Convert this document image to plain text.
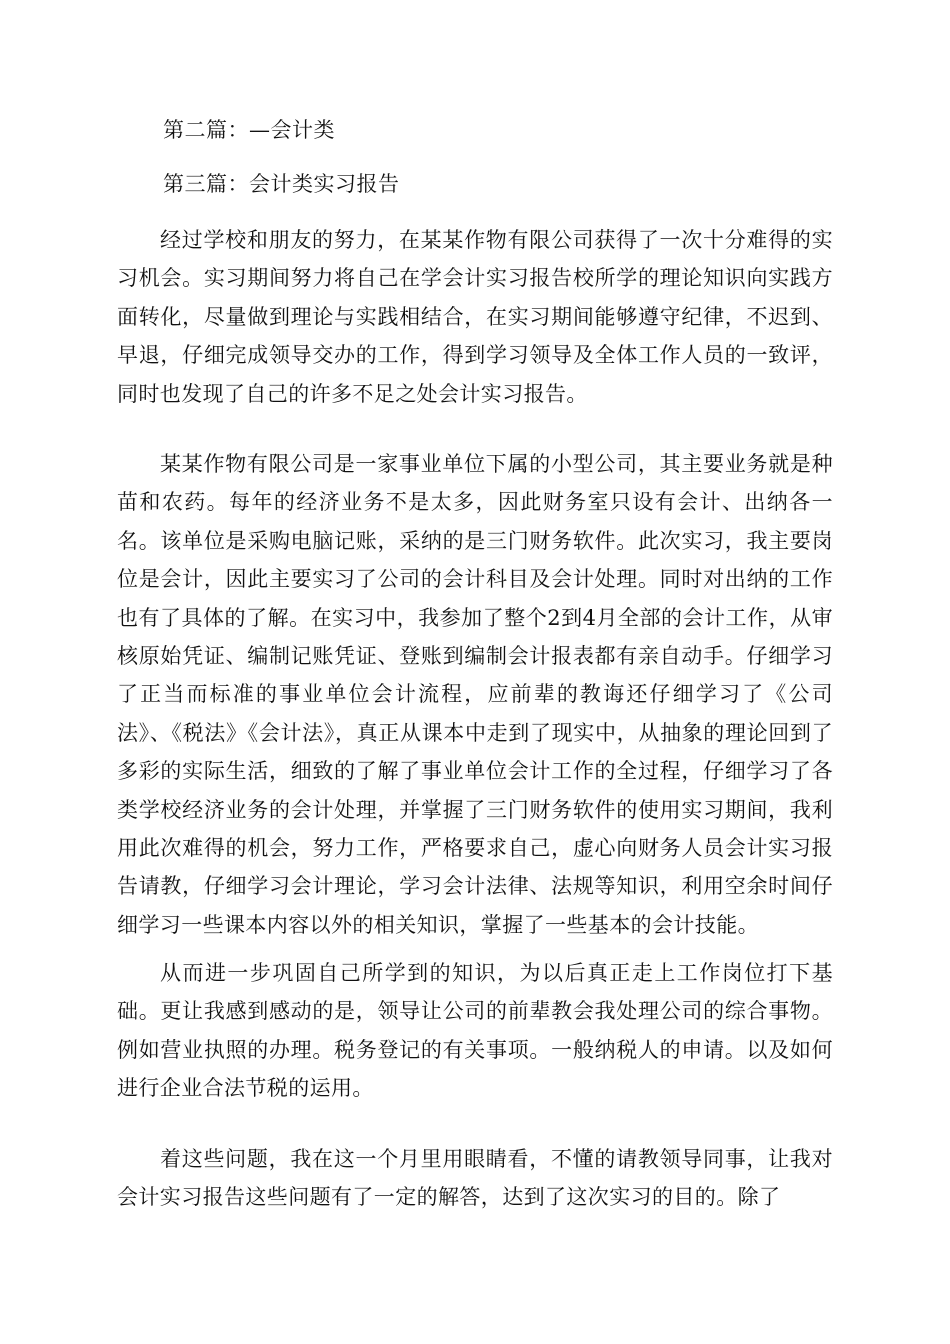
第二篇：—会计类
第三篇：会计类实习报告

经过学校和朋友的努力，在某某作物有限公司获得了一次十分难得的实习机会。实习期间努力将自己在学会计实习报告校所学的理论知识向实践方面转化，尽量做到理论与实践相结合，在实习期间能够遵守纪律，不迟到、早退，仔细完成领导交办的工作，得到学习领导及全体工作人员的一致评，同时也发现了自己的许多不足之处会计实习报告。

某某作物有限公司是一家事业单位下属的小型公司，其主要业务就是种苗和农药。每年的经济业务不是太多，因此财务室只设有会计、出纳各一名。该单位是采购电脑记账，采纳的是三门财务软件。此次实习，我主要岗位是会计，因此主要实习了公司的会计科目及会计处理。同时对出纳的工作也有了具体的了解。在实习中，我参加了整个2到4月全部的会计工作，从审核原始凭证、编制记账凭证、登账到编制会计报表都有亲自动手。仔细学习了正当而标准的事业单位会计流程，应前辈的教诲还仔细学习了《公司法》、《税法》《会计法》，真正从课本中走到了现实中，从抽象的理论回到了多彩的实际生活，细致的了解了事业单位会计工作的全过程，仔细学习了各类学校经济业务的会计处理，并掌握了三门财务软件的使用实习期间，我利用此次难得的机会，努力工作，严格要求自己，虚心向财务人员会计实习报告请教，仔细学习会计理论，学习会计法律、法规等知识，利用空余时间仔细学习一些课本内容以外的相关知识，掌握了一些基本的会计技能。

从而进一步巩固自己所学到的知识，为以后真正走上工作岗位打下基础。更让我感到感动的是，领导让公司的前辈教会我处理公司的综合事物。例如营业执照的办理。税务登记的有关事项。一般纳税人的申请。以及如何进行企业合法节税的运用。

着这些问题，我在这一个月里用眼睛看，不懂的请教领导同事，让我对会计实习报告这些问题有了一定的解答，达到了这次实习的目的。除了
